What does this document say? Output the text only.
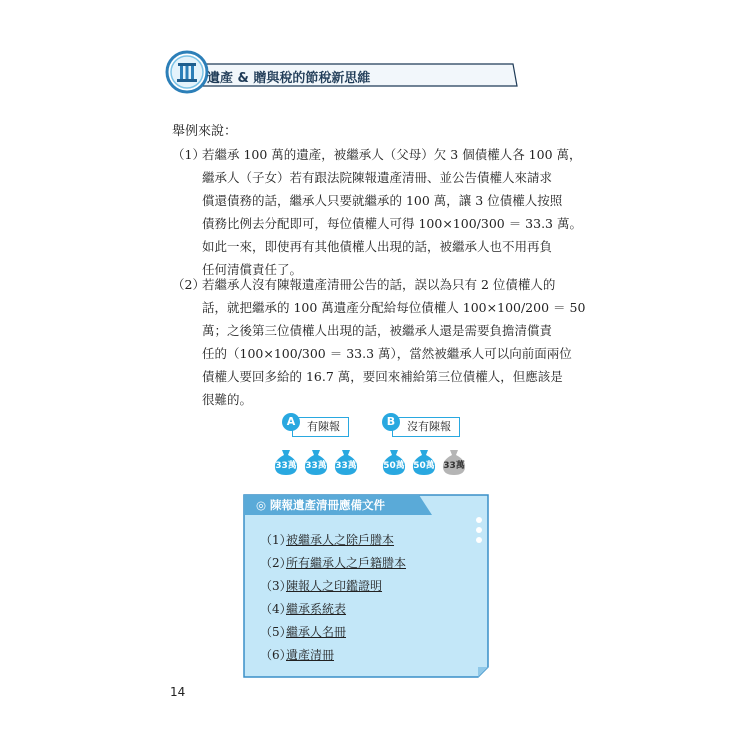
遺產 & 贈與稅的節稅新思維
舉例來說：
（1）
若繼承 100 萬的遺產，被繼承人（父母）欠 3 個債權人各 100 萬，
繼承人（子女）若有跟法院陳報遺產清冊、並公告債權人來請求
償還債務的話，繼承人只要就繼承的 100 萬，讓 3 位債權人按照
債務比例去分配即可，每位債權人可得 100×100/300 ＝ 33.3 萬。
如此一來，即使再有其他債權人出現的話，被繼承人也不用再負
任何清償責任了。
（2）
若繼承人沒有陳報遺產清冊公告的話，誤以為只有 2 位債權人的
話，就把繼承的 100 萬遺產分配給每位債權人 100×100/200 ＝ 50
萬；之後第三位債權人出現的話，被繼承人還是需要負擔清償責
任的（100×100/300 ＝ 33.3 萬），當然被繼承人可以向前面兩位
債權人要回多給的 16.7 萬，要回來補給第三位債權人，但應該是
很難的。
有陳報
A	沒有陳報
B
33萬 33萬 33萬	50萬 50萬 33萬
◎ 陳報遺產清冊應備文件
（1）被繼承人之除戶謄本
（2）所有繼承人之戶籍謄本
（3）陳報人之印鑑證明
（4）繼承系統表
（5）繼承人名冊
（6）遺產清冊
14
